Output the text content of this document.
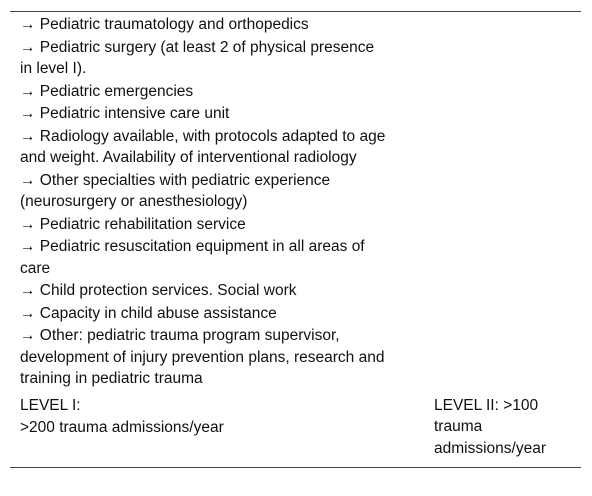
→ Pediatric traumatology and orthopedics
→ Pediatric surgery (at least 2 of physical presence in level I).
→ Pediatric emergencies
→ Pediatric intensive care unit
→ Radiology available, with protocols adapted to age and weight. Availability of interventional radiology
→ Other specialties with pediatric experience (neurosurgery or anesthesiology)
→ Pediatric rehabilitation service
→ Pediatric resuscitation equipment in all areas of care
→ Child protection services. Social work
→ Capacity in child abuse assistance
→ Other: pediatric trauma program supervisor, development of injury prevention plans, research and training in pediatric trauma
LEVEL I:
>200 trauma admissions/year
LEVEL II: >100 trauma admissions/year
